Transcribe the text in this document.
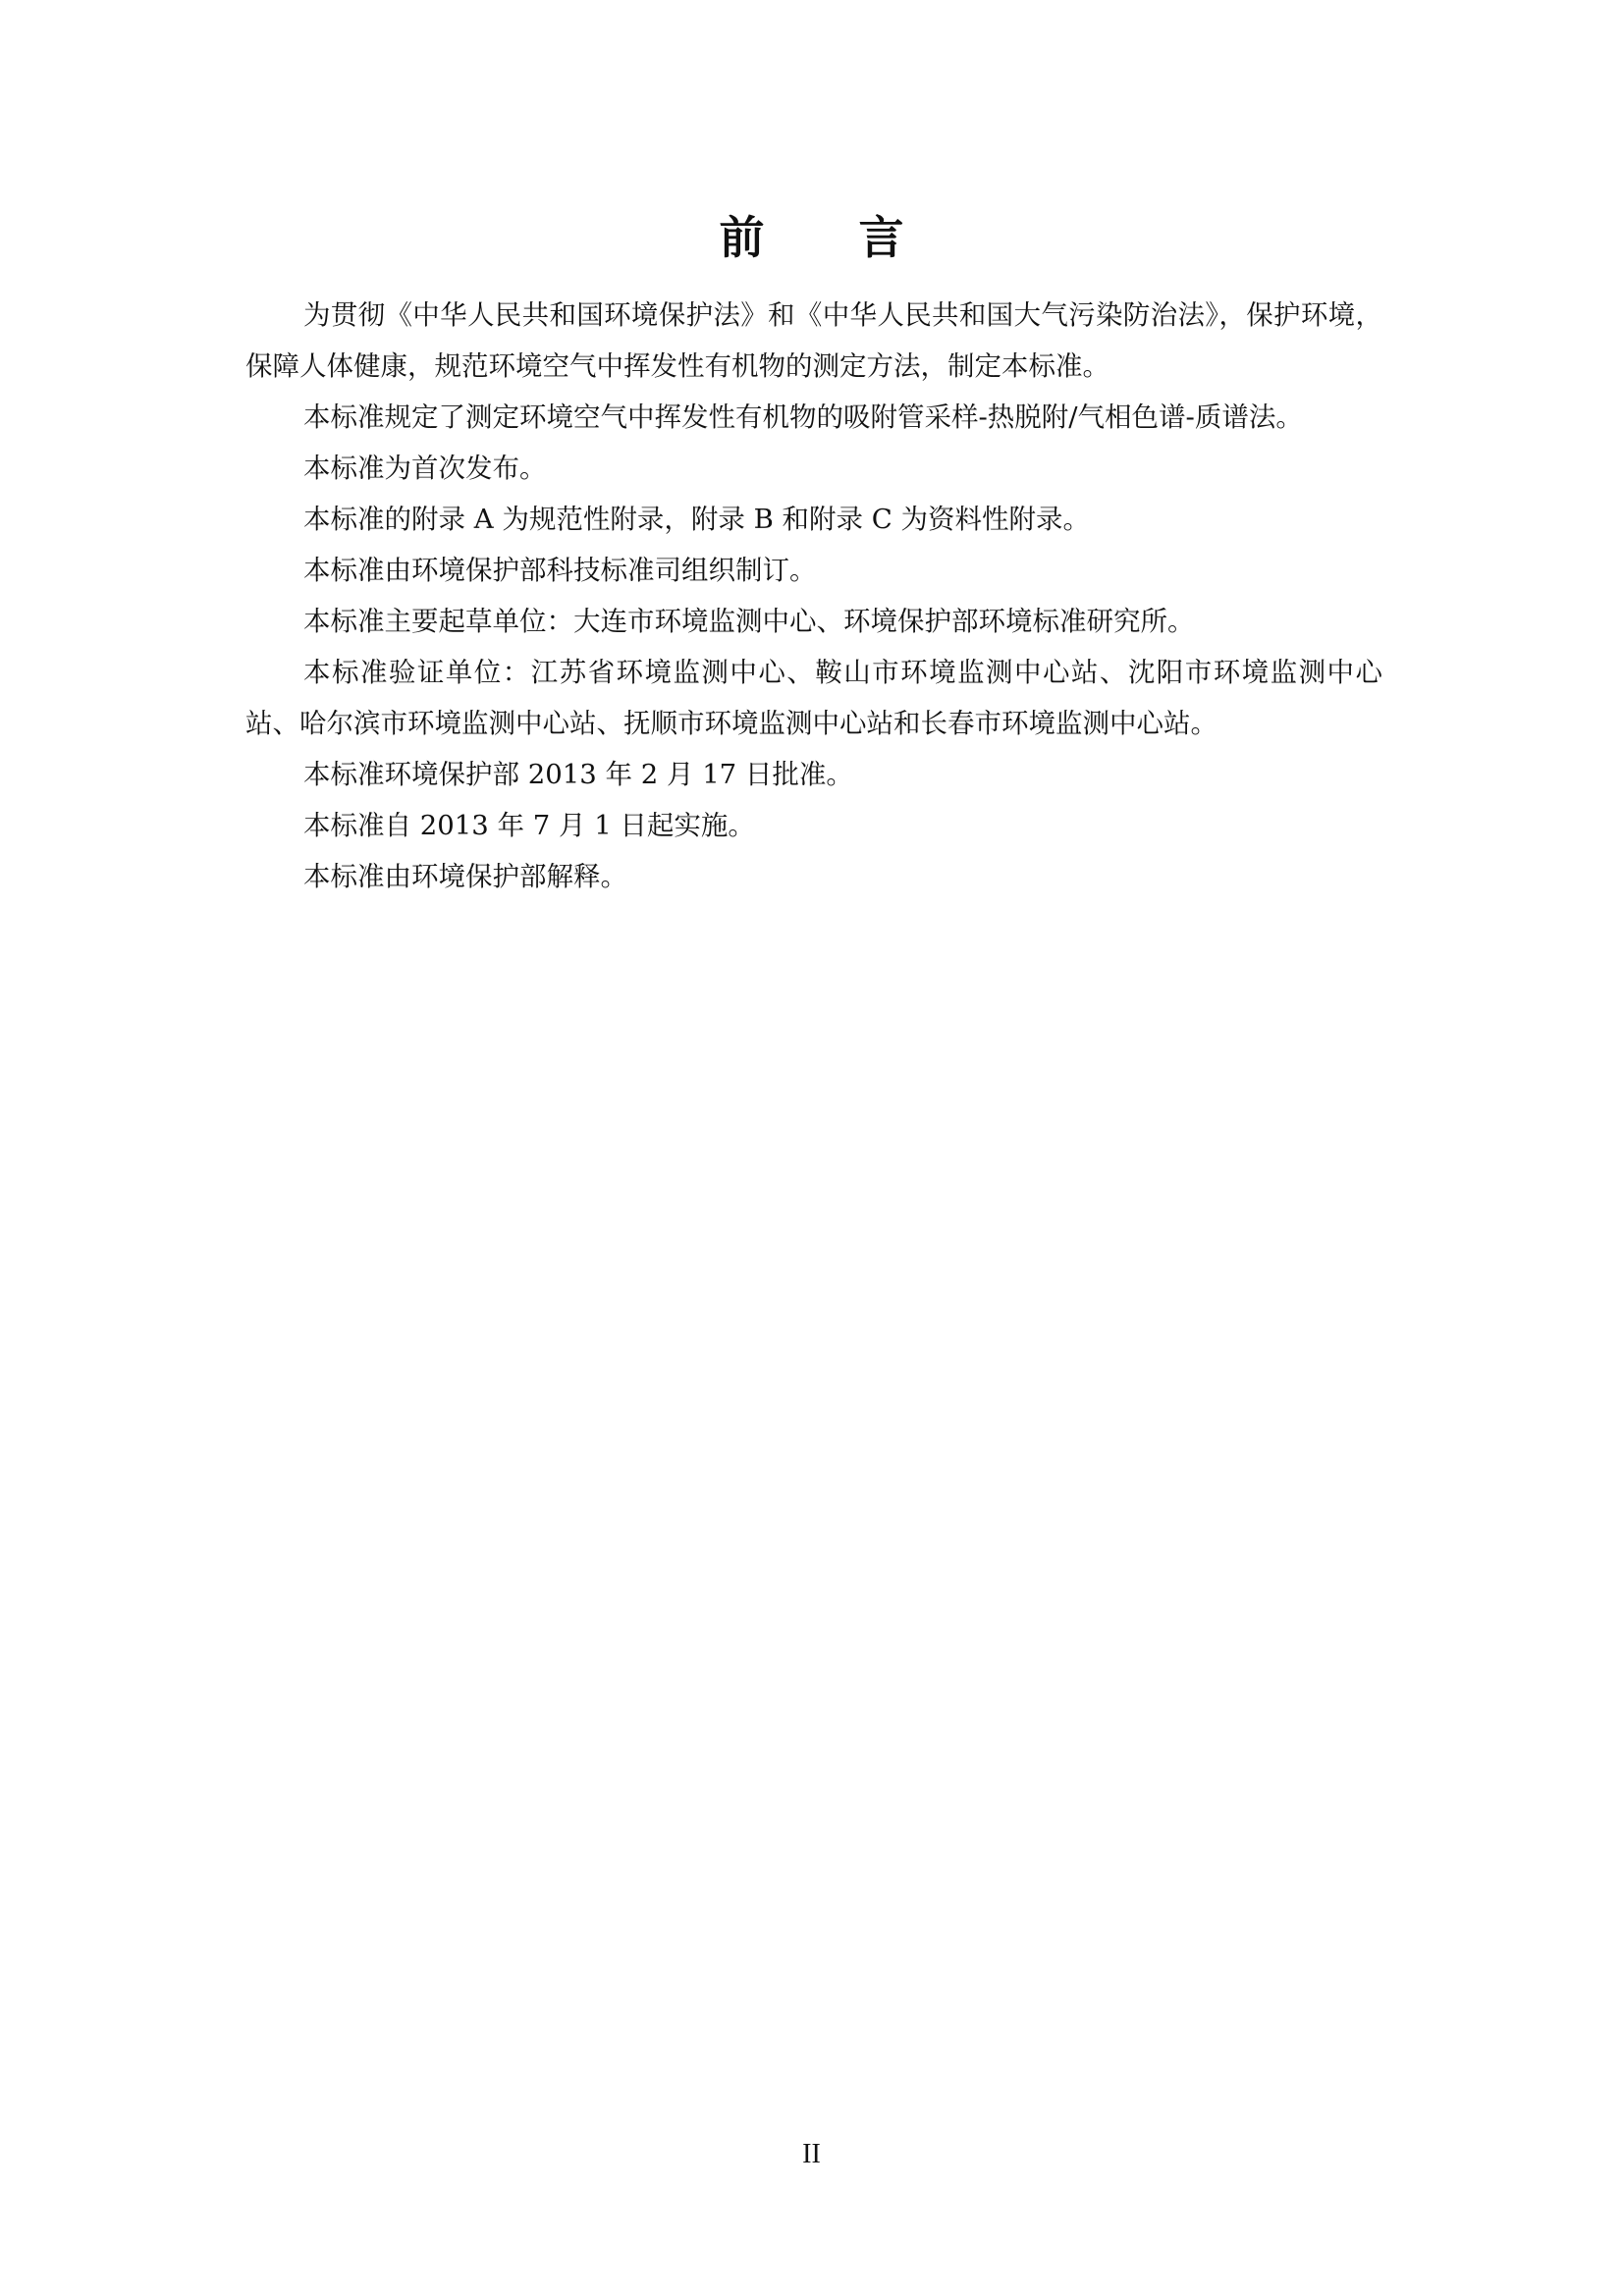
前 言

为贯彻《中华人民共和国环境保护法》和《中华人民共和国大气污染防治法》，保护环境，保障人体健康，规范环境空气中挥发性有机物的测定方法，制定本标准。

本标准规定了测定环境空气中挥发性有机物的吸附管采样-热脱附/气相色谱-质谱法。

本标准为首次发布。

本标准的附录 A 为规范性附录，附录 B 和附录 C 为资料性附录。

本标准由环境保护部科技标准司组织制订。

本标准主要起草单位：大连市环境监测中心、环境保护部环境标准研究所。

本标准验证单位：江苏省环境监测中心、鞍山市环境监测中心站、沈阳市环境监测中心站、哈尔滨市环境监测中心站、抚顺市环境监测中心站和长春市环境监测中心站。

本标准环境保护部 2013 年 2 月 17 日批准。

本标准自 2013 年 7 月 1 日起实施。

本标准由环境保护部解释。

II
